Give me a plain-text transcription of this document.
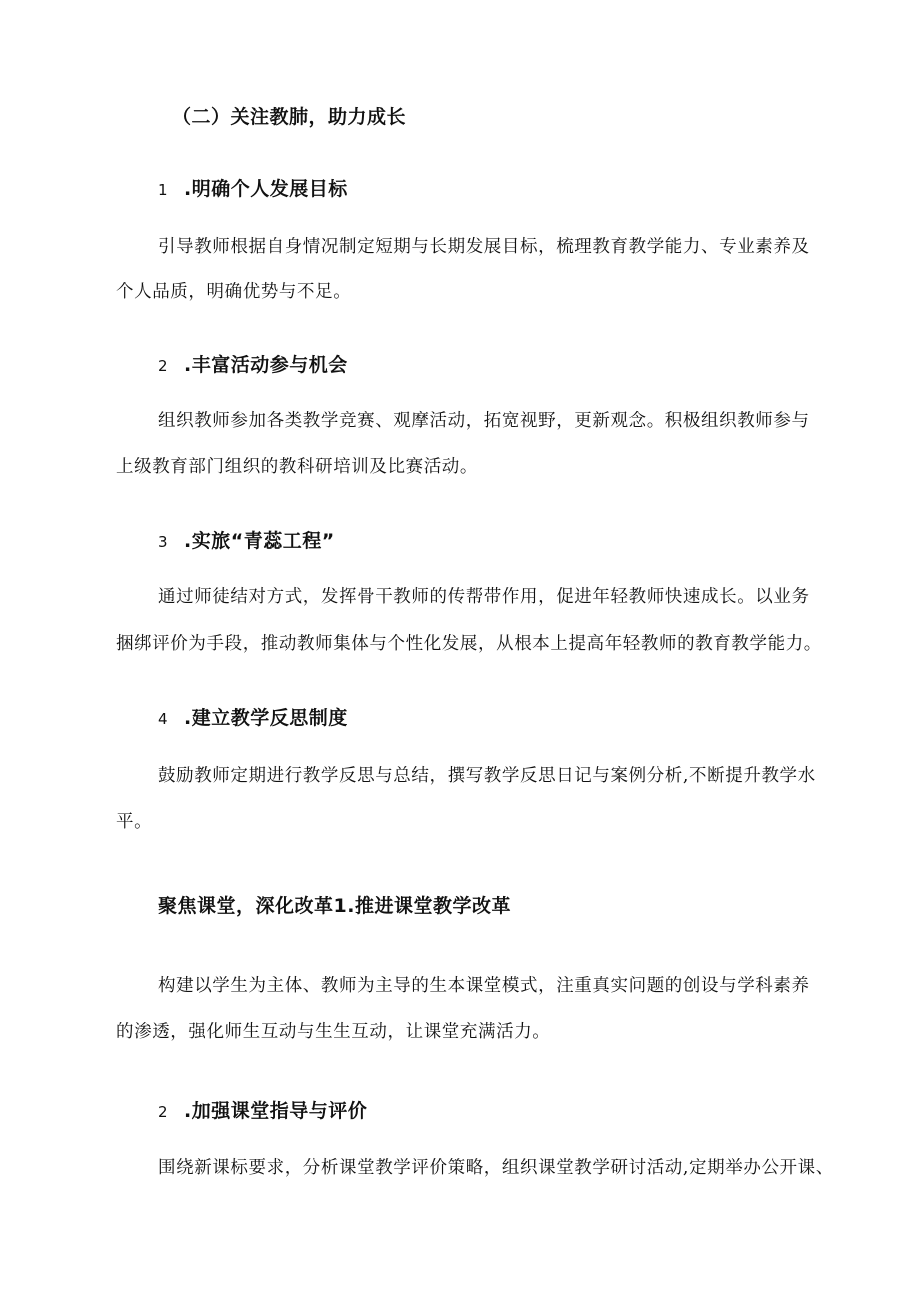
（二）关注教肺，助力成长
1 .明确个人发展目标
引导教师根据自身情况制定短期与长期发展目标，梳理教育教学能力、专业素养及
个人品质，明确优势与不足。
2 .丰富活动参与机会
组织教师参加各类教学竞赛、观摩活动，拓宽视野，更新观念。积极组织教师参与
上级教育部门组织的教科研培训及比赛活动。
3 .实旅“青蕊工程”
通过师徒结对方式，发挥骨干教师的传帮带作用，促进年轻教师快速成长。以业务
捆绑评价为手段，推动教师集体与个性化发展，从根本上提高年轻教师的教育教学能力。
4 .建立教学反思制度
鼓励教师定期进行教学反思与总结，撰写教学反思日记与案例分析,不断提升教学水
平。
聚焦课堂，深化改革1.推进课堂教学改革
构建以学生为主体、教师为主导的生本课堂模式，注重真实问题的创设与学科素养
的渗透，强化师生互动与生生互动，让课堂充满活力。
2 .加强课堂指导与评价
围绕新课标要求，分析课堂教学评价策略，组织课堂教学研讨活动,定期举办公开课、
